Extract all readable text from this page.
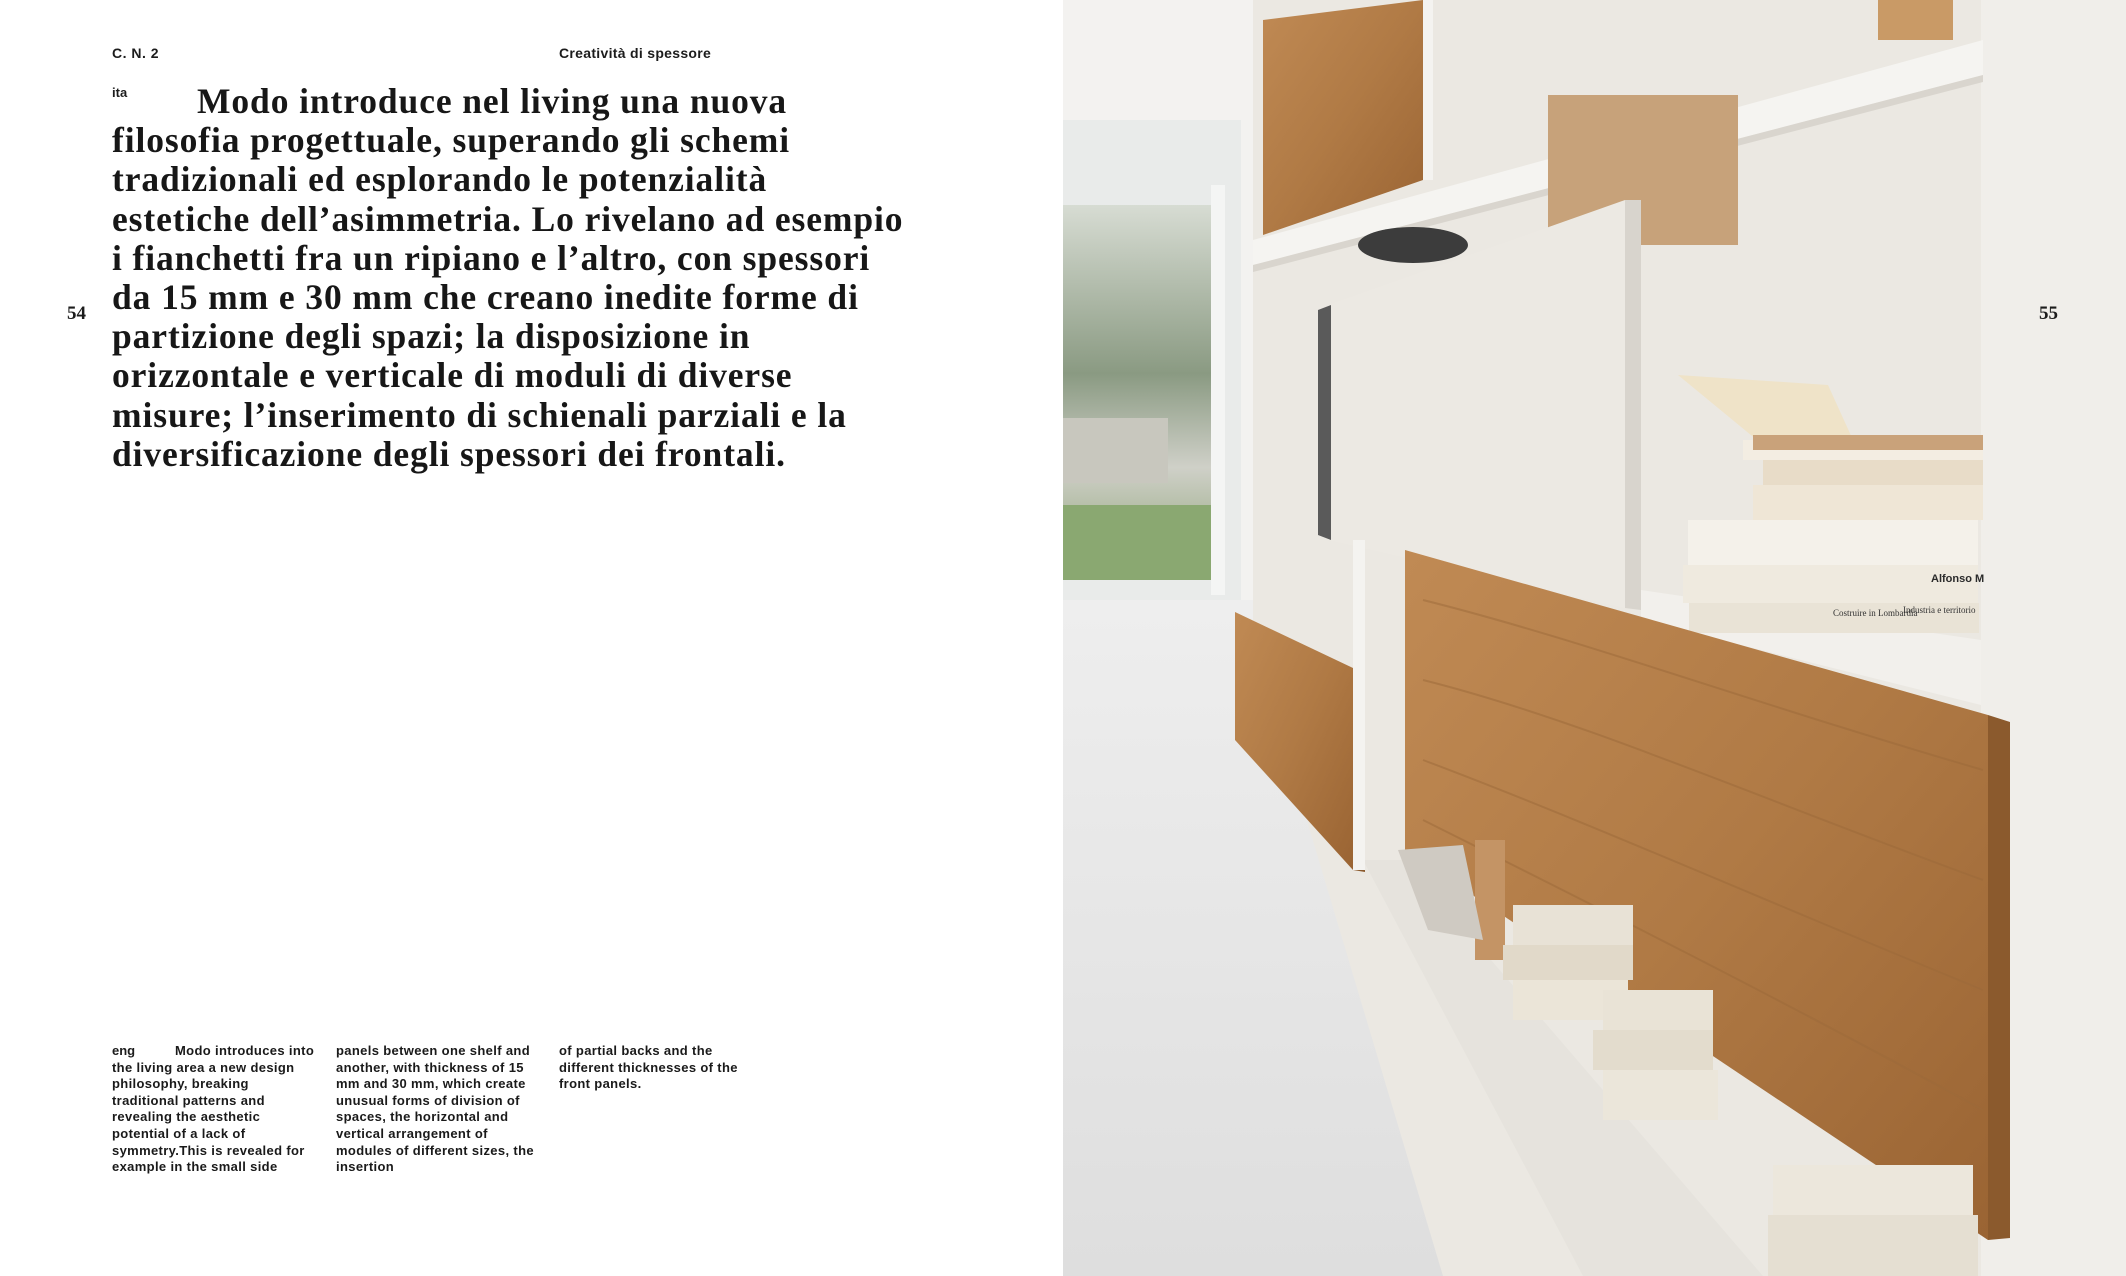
C. N. 2	Creatività di spessore
54
ita	Modo introduce nel living una nuova filosofia progettuale, superando gli schemi tradizionali ed esplorando le potenzialità estetiche dell’asimmetria. Lo rivelano ad esempio i fianchetti fra un ripiano e l’altro, con spessori da 15 mm e 30 mm che creano inedite forme di partizione degli spazi; la disposizione in orizzontale e verticale di moduli di diverse misure; l’inserimento di schienali parziali e la diversificazione degli spessori dei frontali.
eng	Modo introduces into the living area a new design philosophy, breaking traditional patterns and revealing the aesthetic potential of a lack of symmetry.This is revealed for example in the small side
panels between one shelf and another, with thickness of 15 mm and 30 mm, which create unusual forms of division of spaces, the horizontal and vertical arrangement of modules of different sizes, the insertion
of partial backs and the different thicknesses of the front panels.
Alfonso M
Costruire in Lombardia
Industria e territorio
55
